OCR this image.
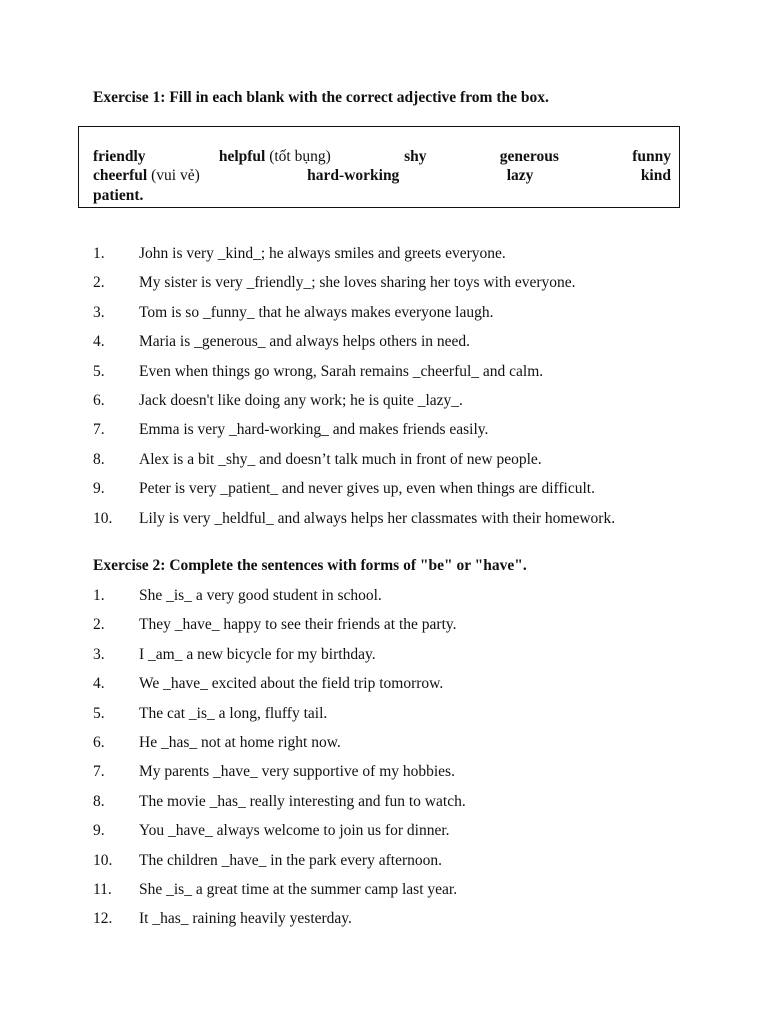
Exercise 1: Fill in each blank with the correct adjective from the box.

friendly	helpful (tốt bụng)	shy	generous	funny
cheerful (vui vẻ)	hard-working	lazy	kind
patient.
1. John is very _kind_; he always smiles and greets everyone.
2. My sister is very _friendly_; she loves sharing her toys with everyone.
3. Tom is so _funny_ that he always makes everyone laugh.
4. Maria is _generous_ and always helps others in need.
5. Even when things go wrong, Sarah remains _cheerful_ and calm.
6. Jack doesn't like doing any work; he is quite _lazy_.
7. Emma is very _hard-working_ and makes friends easily.
8. Alex is a bit _shy_ and doesn’t talk much in front of new people.
9. Peter is very _patient_ and never gives up, even when things are difficult.
10. Lily is very _heldful_ and always helps her classmates with their homework.

Exercise 2: Complete the sentences with forms of "be" or "have".

1. She _is_ a very good student in school.
2. They _have_ happy to see their friends at the party.
3. I _am_ a new bicycle for my birthday.
4. We _have_ excited about the field trip tomorrow.
5. The cat _is_ a long, fluffy tail.
6. He _has_ not at home right now.
7. My parents _have_ very supportive of my hobbies.
8. The movie _has_ really interesting and fun to watch.
9. You _have_ always welcome to join us for dinner.
10. The children _have_ in the park every afternoon.
11. She _is_ a great time at the summer camp last year.
12. It _has_ raining heavily yesterday.
